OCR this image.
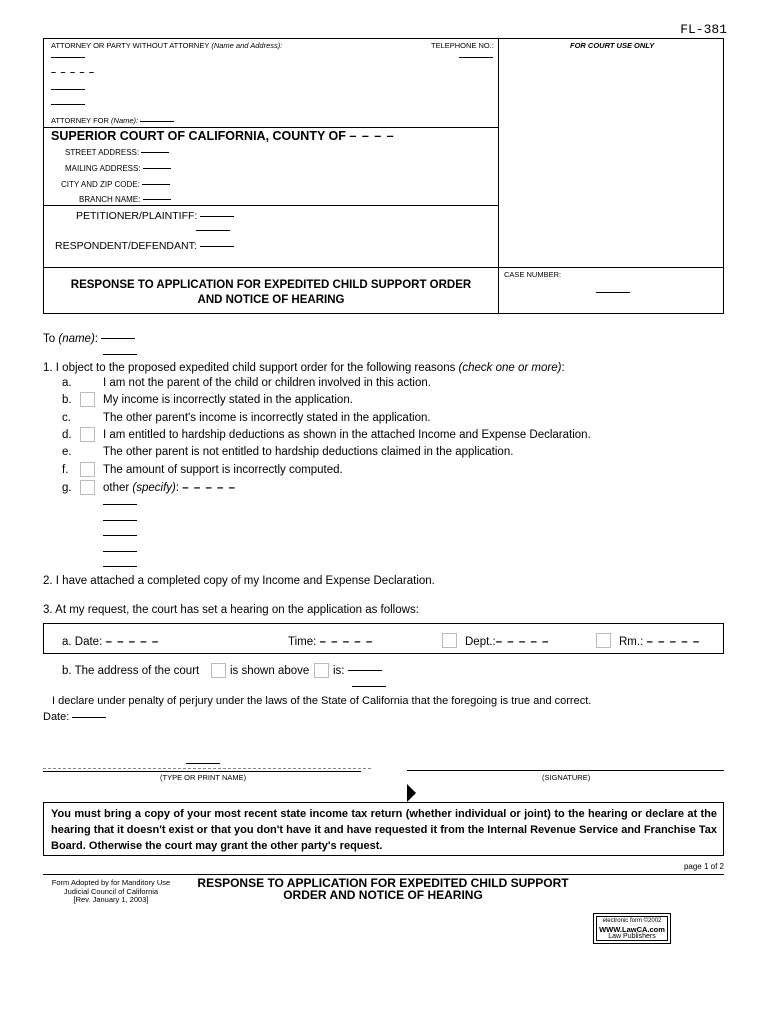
FL-381
ATTORNEY OR PARTY WITHOUT ATTORNEY (Name and Address):	TELEPHONE NO.:	FOR COURT USE ONLY
– – – – –
ATTORNEY FOR (Name):
SUPERIOR COURT OF CALIFORNIA, COUNTY OF – – – –
STREET ADDRESS:
MAILING ADDRESS:
CITY AND ZIP CODE:
BRANCH NAME:
PETITIONER/PLAINTIFF:
RESPONDENT/DEFENDANT:
RESPONSE TO APPLICATION FOR EXPEDITED CHILD SUPPORT ORDER
AND NOTICE OF HEARING
CASE NUMBER:
To (name):
1. I object to the proposed expedited child support order for the following reasons (check one or more):
a.	I am not the parent of the child or children involved in this action.
b.	My income is incorrectly stated in the application.
c.	The other parent's income is incorrectly stated in the application.
d.	I am entitled to hardship deductions as shown in the attached Income and Expense Declaration.
e.	The other parent is not entitled to hardship deductions claimed in the application.
f.	The amount of support is incorrectly computed.
g.	other (specify): – – – – –
2. I have attached a completed copy of my Income and Expense Declaration.
3. At my request, the court has set a hearing on the application as follows:
a. Date: – – – – –	Time: – – – – –	Dept.:– – – – –	Rm.: – – – – –
b. The address of the court	is shown above is:
I declare under penalty of perjury under the laws of the State of California that the foregoing is true and correct.
Date:
(TYPE OR PRINT NAME)	(SIGNATURE)
You must bring a copy of your most recent state income tax return (whether individual or joint) to the hearing or declare at the hearing that it doesn't exist or that you don't have it and have requested it from the Internal Revenue Service and Franchise Tax Board. Otherwise the court may grant the other party's request.
page 1 of 2
Form Adopted by for Manditory Use
Judicial Council of California
[Rev. January 1, 2003]
RESPONSE TO APPLICATION FOR EXPEDITED CHILD SUPPORT
ORDER AND NOTICE OF HEARING
electronic form ©2002
WWW.LawCA.com
Law Publishers
